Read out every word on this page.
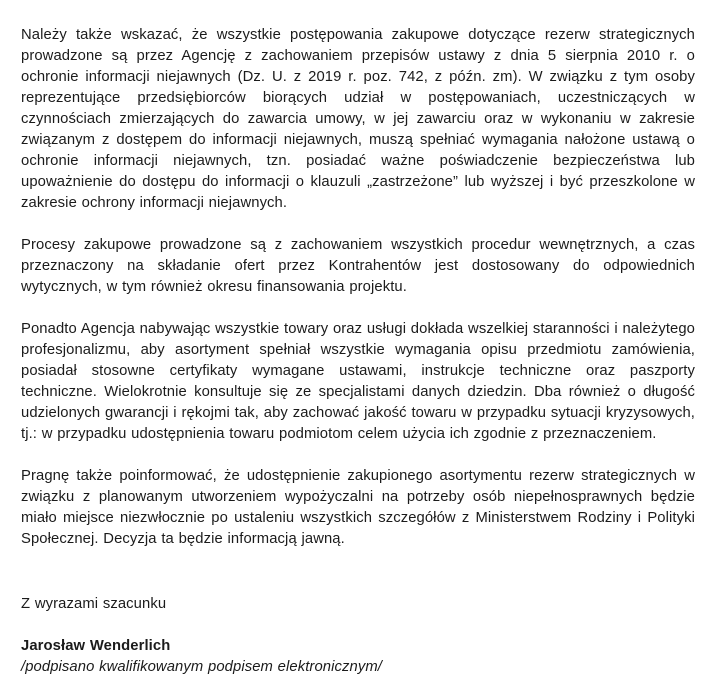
Należy także wskazać, że wszystkie postępowania zakupowe dotyczące rezerw strategicznych prowadzone są przez Agencję z zachowaniem przepisów ustawy z dnia 5 sierpnia 2010 r. o ochronie informacji niejawnych (Dz. U. z 2019 r. poz. 742, z późn. zm). W związku z tym osoby reprezentujące przedsiębiorców biorących udział w postępowaniach, uczestniczących w czynnościach zmierzających do zawarcia umowy, w jej zawarciu oraz w wykonaniu w zakresie związanym z dostępem do informacji niejawnych, muszą spełniać wymagania nałożone ustawą o ochronie informacji niejawnych, tzn. posiadać ważne poświadczenie bezpieczeństwa lub upoważnienie do dostępu do informacji o klauzuli „zastrzeżone” lub wyższej i być przeszkolone w zakresie ochrony informacji niejawnych.

Procesy zakupowe prowadzone są z zachowaniem wszystkich procedur wewnętrznych, a czas przeznaczony na składanie ofert przez Kontrahentów jest dostosowany do odpowiednich wytycznych, w tym również okresu finansowania projektu.

Ponadto Agencja nabywając wszystkie towary oraz usługi dokłada wszelkiej staranności i należytego profesjonalizmu, aby asortyment spełniał wszystkie wymagania opisu przedmiotu zamówienia, posiadał stosowne certyfikaty wymagane ustawami, instrukcje techniczne oraz paszporty techniczne. Wielokrotnie konsultuje się ze specjalistami danych dziedzin. Dba również o długość udzielonych gwarancji i rękojmi tak, aby zachować jakość towaru w przypadku sytuacji kryzysowych, tj.: w przypadku udostępnienia towaru podmiotom celem użycia ich zgodnie z przeznaczeniem.

Pragnę także poinformować, że udostępnienie zakupionego asortymentu rezerw strategicznych w związku z planowanym utworzeniem wypożyczalni na potrzeby osób niepełnosprawnych będzie miało miejsce niezwłocznie po ustaleniu wszystkich szczegółów z Ministerstwem Rodziny i Polityki Społecznej. Decyzja ta będzie informacją jawną.

Z wyrazami szacunku

Jarosław Wenderlich

/podpisano kwalifikowanym podpisem elektronicznym/
